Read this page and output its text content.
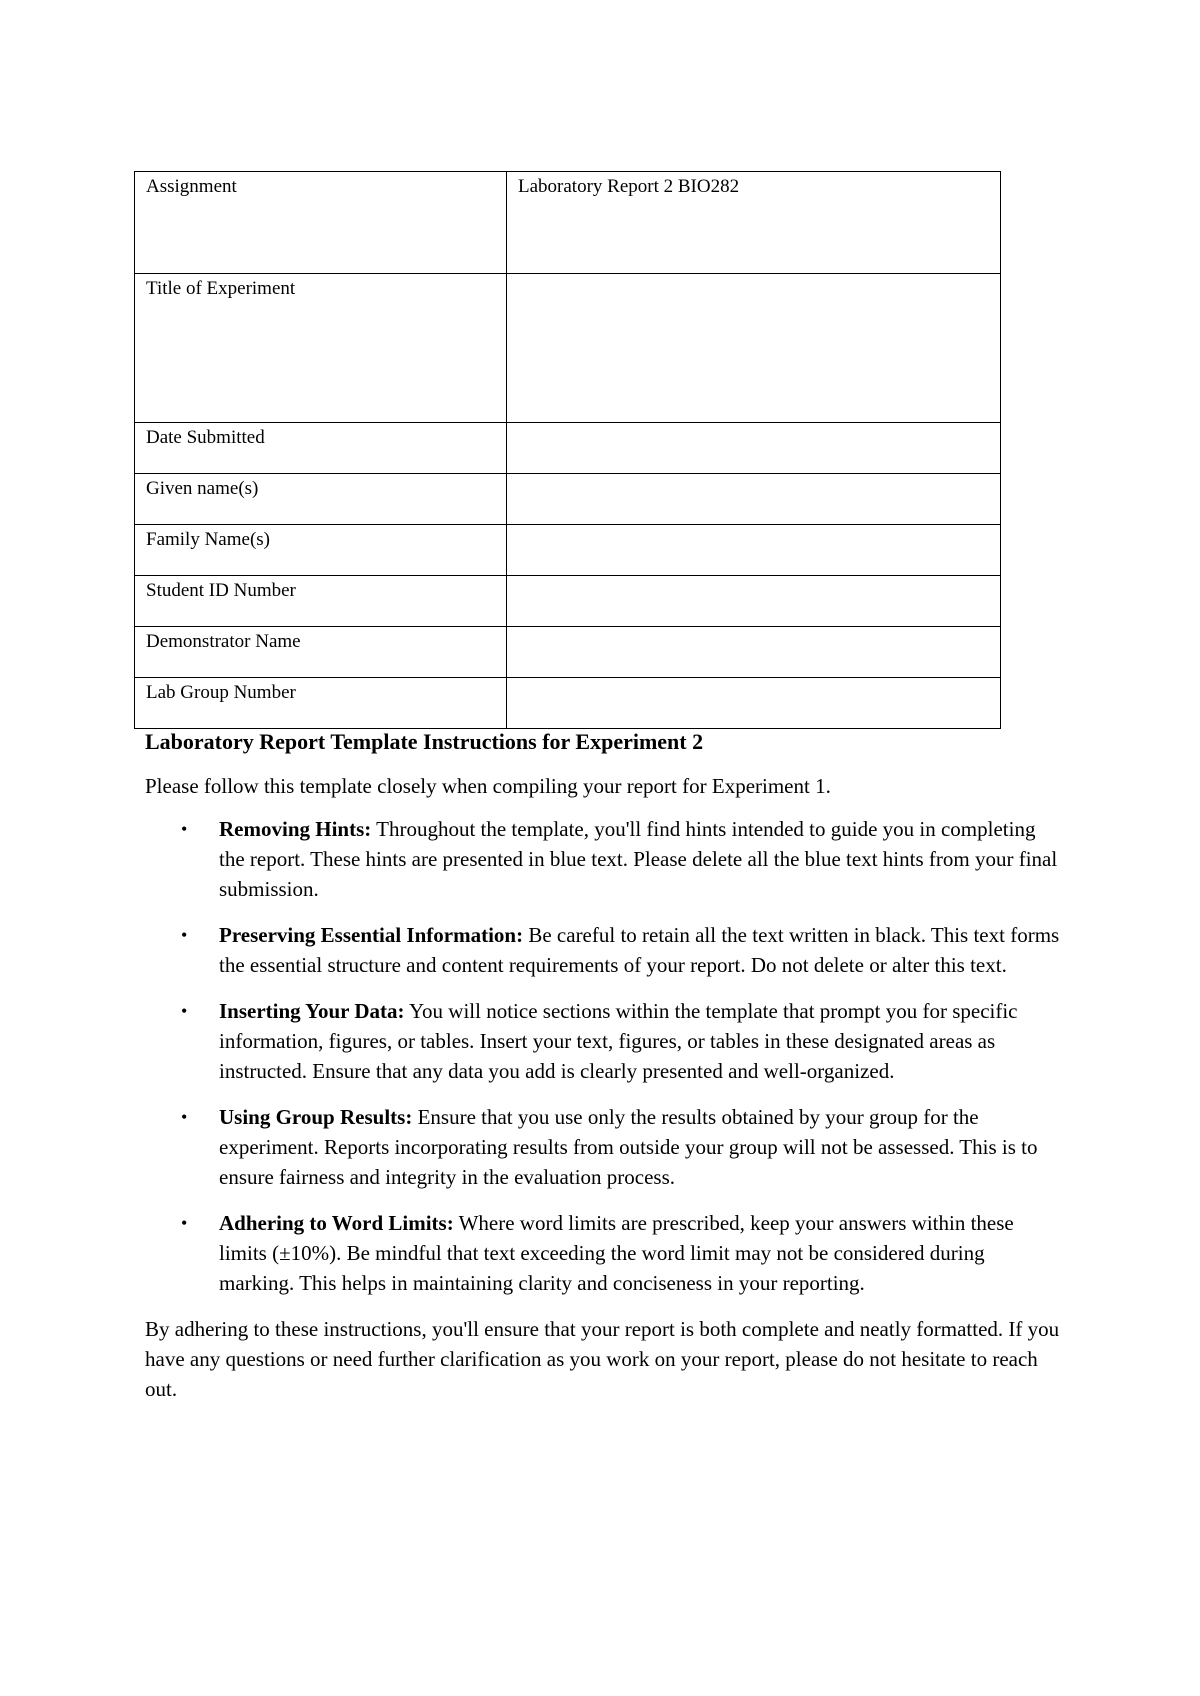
Assignment	Laboratory Report 2 BIO282
Title of Experiment	
Date Submitted	
Given name(s)	
Family Name(s)	
Student ID Number	
Demonstrator Name	
Lab Group Number	

Laboratory Report Template Instructions for Experiment 2

Please follow this template closely when compiling your report for Experiment 1.

• Removing Hints: Throughout the template, you'll find hints intended to guide you in completing the report. These hints are presented in blue text. Please delete all the blue text hints from your final submission.
• Preserving Essential Information: Be careful to retain all the text written in black. This text forms the essential structure and content requirements of your report. Do not delete or alter this text.
• Inserting Your Data: You will notice sections within the template that prompt you for specific information, figures, or tables. Insert your text, figures, or tables in these designated areas as instructed. Ensure that any data you add is clearly presented and well-organized.
• Using Group Results: Ensure that you use only the results obtained by your group for the experiment. Reports incorporating results from outside your group will not be assessed. This is to ensure fairness and integrity in the evaluation process.
• Adhering to Word Limits: Where word limits are prescribed, keep your answers within these limits (±10%). Be mindful that text exceeding the word limit may not be considered during marking. This helps in maintaining clarity and conciseness in your reporting.

By adhering to these instructions, you'll ensure that your report is both complete and neatly formatted. If you have any questions or need further clarification as you work on your report, please do not hesitate to reach out.
